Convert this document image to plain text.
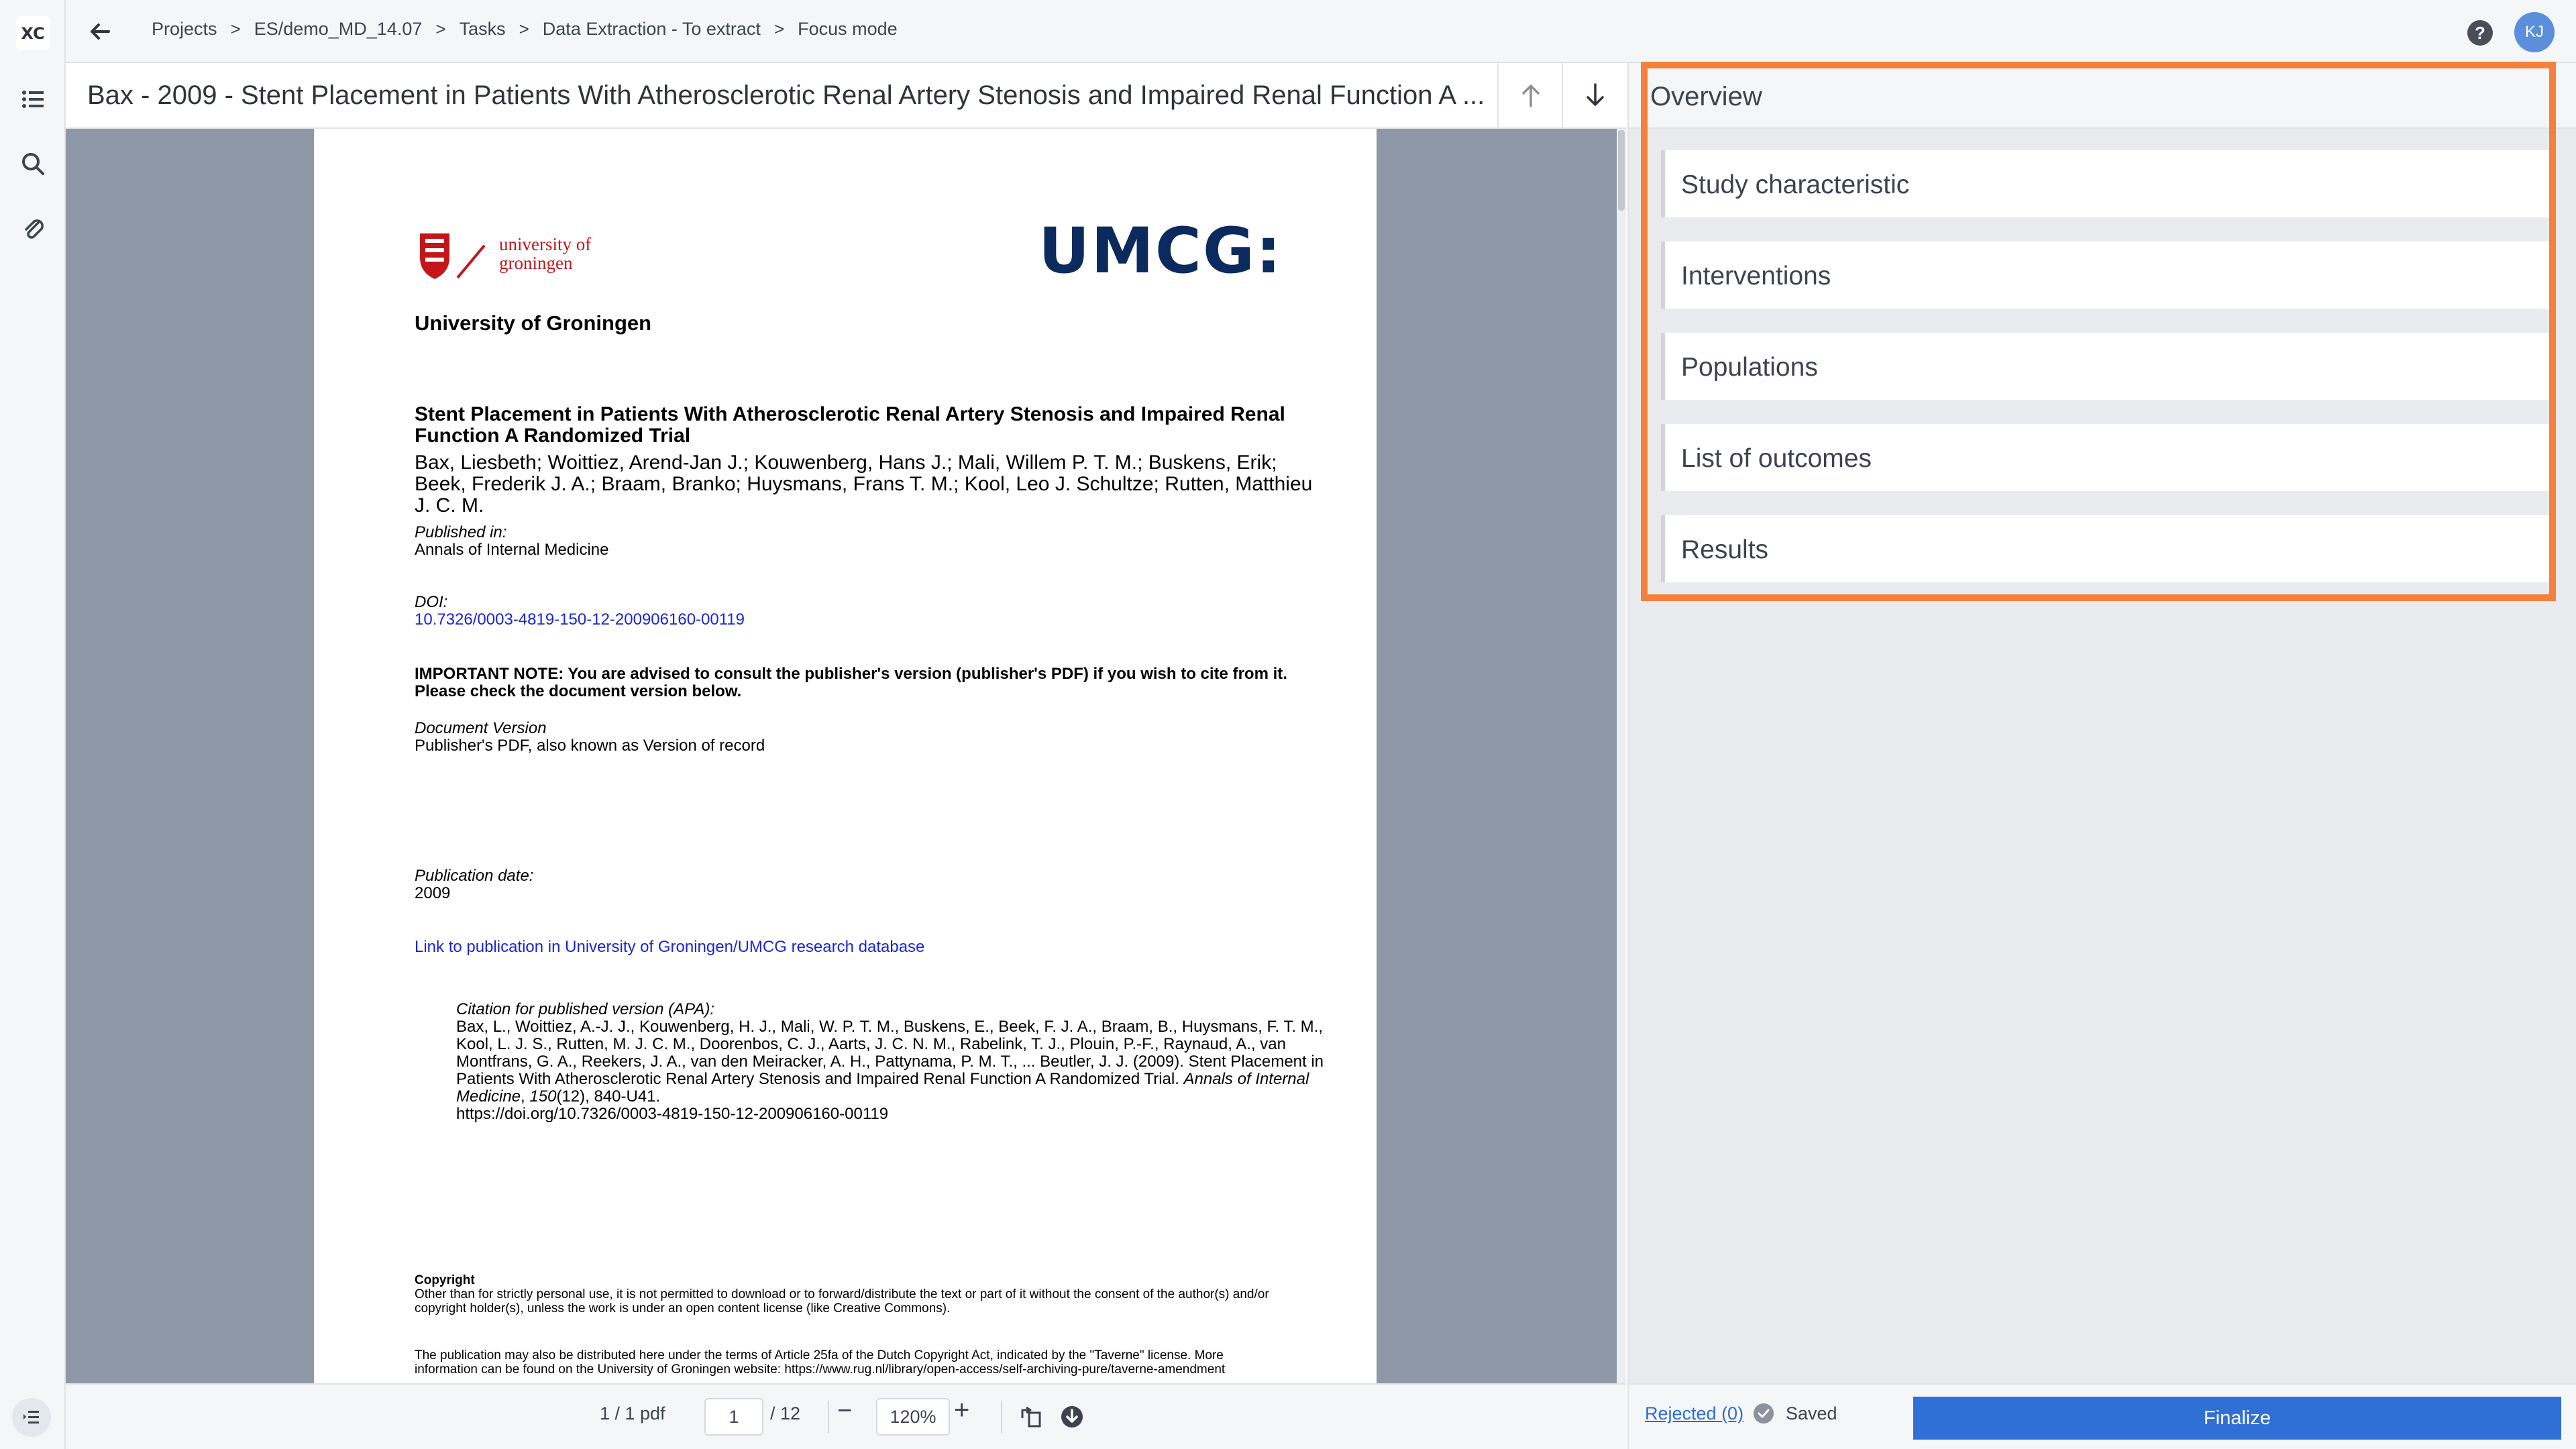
XC	Projects > ES/demo_MD_14.07 > Tasks > Data Extraction - To extract > Focus mode	?	KJ
Bax - 2009 - Stent Placement in Patients With Atherosclerotic Renal Artery Stenosis and Impaired Renal Function A ...
university of
groningen	UMCG:
University of Groningen
Stent Placement in Patients With Atherosclerotic Renal Artery Stenosis and Impaired Renal Function A Randomized Trial
Bax, Liesbeth; Woittiez, Arend-Jan J.; Kouwenberg, Hans J.; Mali, Willem P. T. M.; Buskens, Erik; Beek, Frederik J. A.; Braam, Branko; Huysmans, Frans T. M.; Kool, Leo J. Schultze; Rutten, Matthieu J. C. M.
Published in:
Annals of Internal Medicine
DOI:
10.7326/0003-4819-150-12-200906160-00119
IMPORTANT NOTE: You are advised to consult the publisher's version (publisher's PDF) if you wish to cite from it. Please check the document version below.
Document Version
Publisher's PDF, also known as Version of record
Publication date:
2009
Link to publication in University of Groningen/UMCG research database
Citation for published version (APA):
Bax, L., Woittiez, A.-J. J., Kouwenberg, H. J., Mali, W. P. T. M., Buskens, E., Beek, F. J. A., Braam, B., Huysmans, F. T. M., Kool, L. J. S., Rutten, M. J. C. M., Doorenbos, C. J., Aarts, J. C. N. M., Rabelink, T. J., Plouin, P.-F., Raynaud, A., van Montfrans, G. A., Reekers, J. A., van den Meiracker, A. H., Pattynama, P. M. T., ... Beutler, J. J. (2009). Stent Placement in Patients With Atherosclerotic Renal Artery Stenosis and Impaired Renal Function A Randomized Trial. Annals of Internal Medicine, 150(12), 840-U41.
https://doi.org/10.7326/0003-4819-150-12-200906160-00119
Copyright
Other than for strictly personal use, it is not permitted to download or to forward/distribute the text or part of it without the consent of the author(s) and/or copyright holder(s), unless the work is under an open content license (like Creative Commons).
The publication may also be distributed here under the terms of Article 25fa of the Dutch Copyright Act, indicated by the "Taverne" license. More information can be found on the University of Groningen website: https://www.rug.nl/library/open-access/self-archiving-pure/taverne-amendment
1 / 1 pdf	1	/ 12 −	120% +
Overview
Study characteristic
Interventions
Populations
List of outcomes
Results
Rejected (0) Saved	Finalize
